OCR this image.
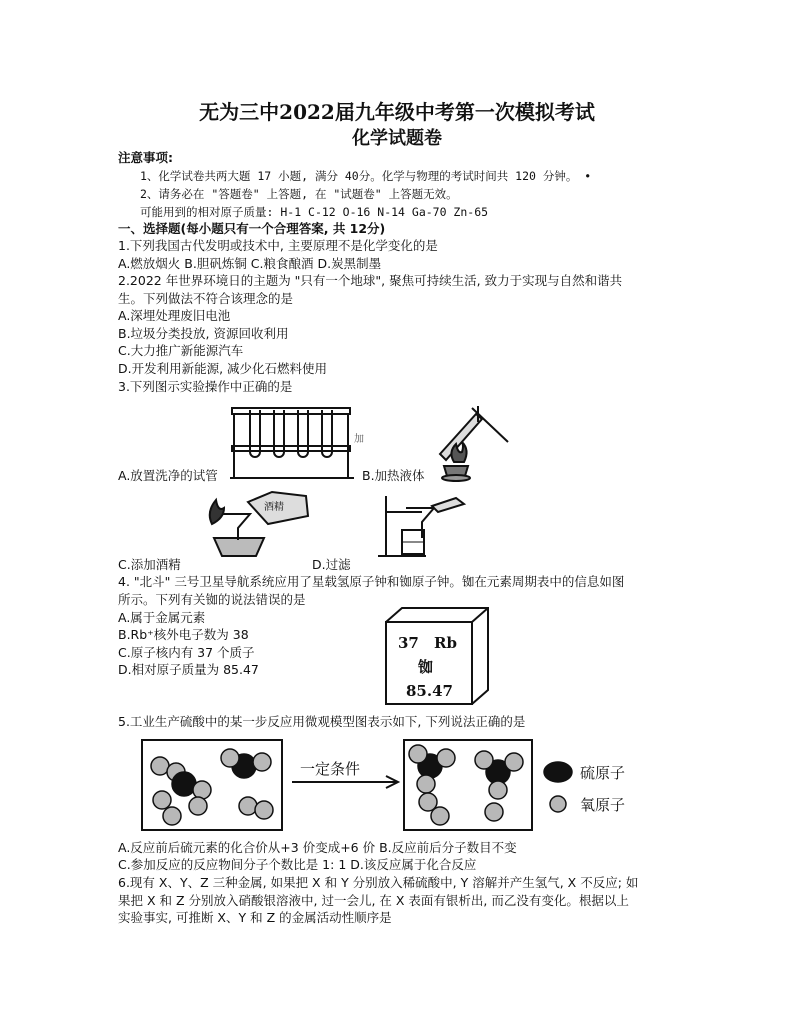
无为三中2022届九年级中考第一次模拟考试
化学试题卷
注意事项:
1、化学试卷共两大题 17 小题, 满分 40分。化学与物理的考试时间共 120 分钟。 •
2、请务必在 "答题卷" 上答题, 在 "试题卷" 上答题无效。
可能用到的相对原子质量: H-1 C-12 O-16 N-14 Ga-70 Zn-65
一、选择题(每小题只有一个合理答案, 共 12分)
1.下列我国古代发明或技术中, 主要原理不是化学变化的是
A.燃放烟火 B.胆矾炼铜 C.粮食酿酒 D.炭黑制墨
2.2022 年世界环境日的主题为 "只有一个地球", 聚焦可持续生活, 致力于实现与自然和谐共
生。下列做法不符合该理念的是
A.深埋处理废旧电池
B.垃圾分类投放, 资源回收利用
C.大力推广新能源汽车
D.开发利用新能源, 减少化石燃料使用
3.下列图示实验操作中正确的是
加
A.放置洗净的试管	B.加热液体
酒精
C.添加酒精	D.过滤
4. "北斗" 三号卫星导航系统应用了星载氢原子钟和铷原子钟。铷在元素周期表中的信息如图
所示。下列有关铷的说法错误的是
A.属于金属元素
B.Rb⁺核外电子数为 38
C.原子核内有 37 个质子
D.相对原子质量为 85.47
37 Rb
铷
85.47
5.工业生产硫酸中的某一步反应用微观模型图表示如下, 下列说法正确的是
一定条件	硫原子
氧原子
A.反应前后硫元素的化合价从+3 价变成+6 价 B.反应前后分子数目不变
C.参加反应的反应物间分子个数比是 1: 1 D.该反应属于化合反应
6.现有 X、Y、Z 三种金属, 如果把 X 和 Y 分别放入稀硫酸中, Y 溶解并产生氢气, X 不反应; 如
果把 X 和 Z 分别放入硝酸银溶液中, 过一会儿, 在 X 表面有银析出, 而乙没有变化。根据以上
实验事实, 可推断 X、Y 和 Z 的金属活动性顺序是
